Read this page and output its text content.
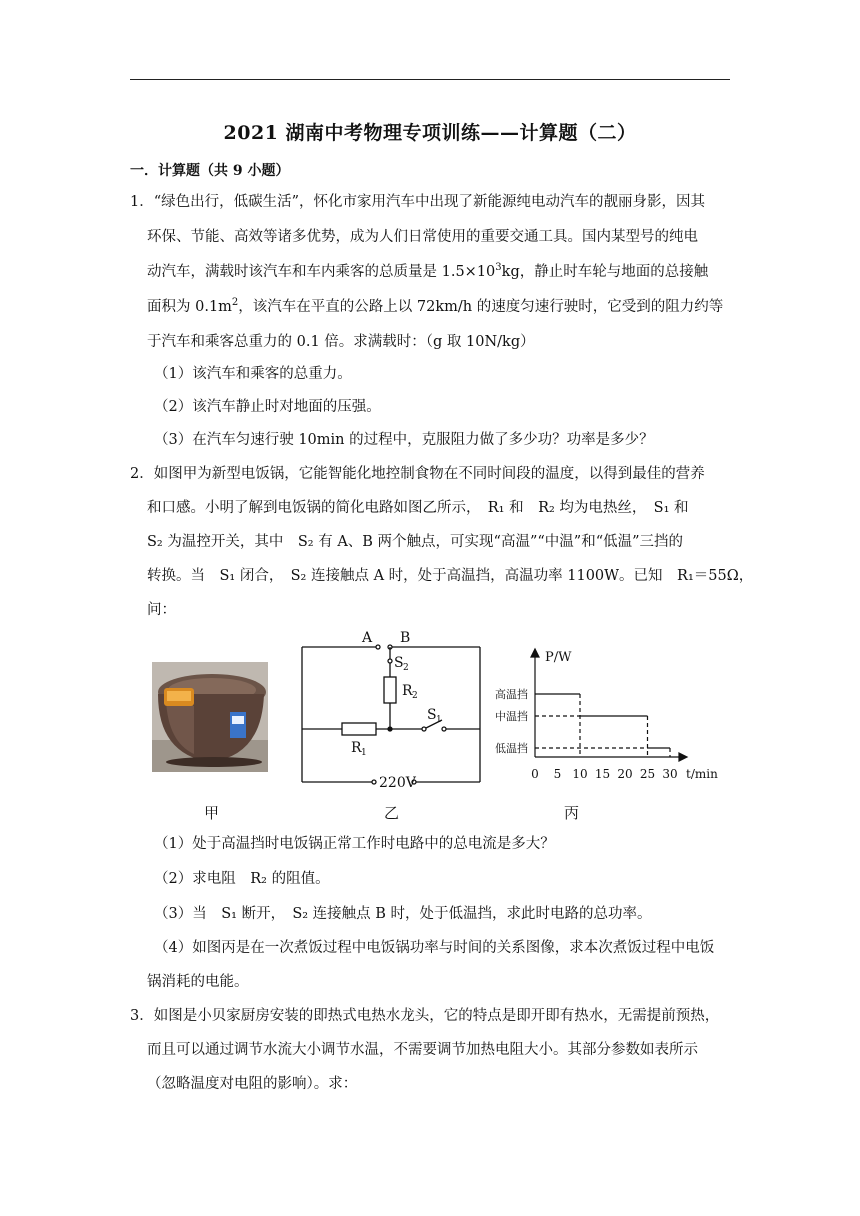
2021 湖南中考物理专项训练——计算题（二）
一．计算题（共 9 小题）
1．“绿色出行，低碳生活”，怀化市家用汽车中出现了新能源纯电动汽车的靓丽身影，因其
环保、节能、高效等诸多优势，成为人们日常使用的重要交通工具。国内某型号的纯电
动汽车，满载时该汽车和车内乘客的总质量是 $1.5\times 10^3kg$，静止时车轮与地面的总接触
面积为 $0.1m^2$，该汽车在平直的公路上以 72km/h 的速度匀速行驶时，它受到的阻力约等
于汽车和乘客总重力的 0.1 倍。求满载时：（g 取 10N/kg）
（1）该汽车和乘客的总重力。
（2）该汽车静止时对地面的压强。
（3）在汽车匀速行驶 10min 的过程中，克服阻力做了多少功？功率是多少？
2．如图甲为新型电饭锅，它能智能化地控制食物在不同时间段的温度，以得到最佳的营养
和口感。小明了解到电饭锅的简化电路如图乙所示，　R₁ 和　R₂ 均为电热丝，　S₁ 和
S₂ 为温控开关，其中　S₂ 有 A、B 两个触点，可实现“高温”“中温”和“低温”三挡的
转换。当　S₁ 闭合，　S₂ 连接触点 A 时，处于高温挡，高温功率 1100W。已知　R₁＝55Ω，
问：
A B
S 2
R 2
S 1
R 1
220V
P/W
t/min
高温挡
中温挡
低温挡
0 5 10 15 20 25 30
甲	乙	丙
（1）处于高温挡时电饭锅正常工作时电路中的总电流是多大？
（2）求电阻　R₂ 的阻值。
（3）当　S₁ 断开，　S₂ 连接触点 B 时，处于低温挡，求此时电路的总功率。
（4）如图丙是在一次煮饭过程中电饭锅功率与时间的关系图像，求本次煮饭过程中电饭
锅消耗的电能。
3．如图是小贝家厨房安装的即热式电热水龙头，它的特点是即开即有热水，无需提前预热，
而且可以通过调节水流大小调节水温，不需要调节加热电阻大小。其部分参数如表所示
（忽略温度对电阻的影响）。求：
